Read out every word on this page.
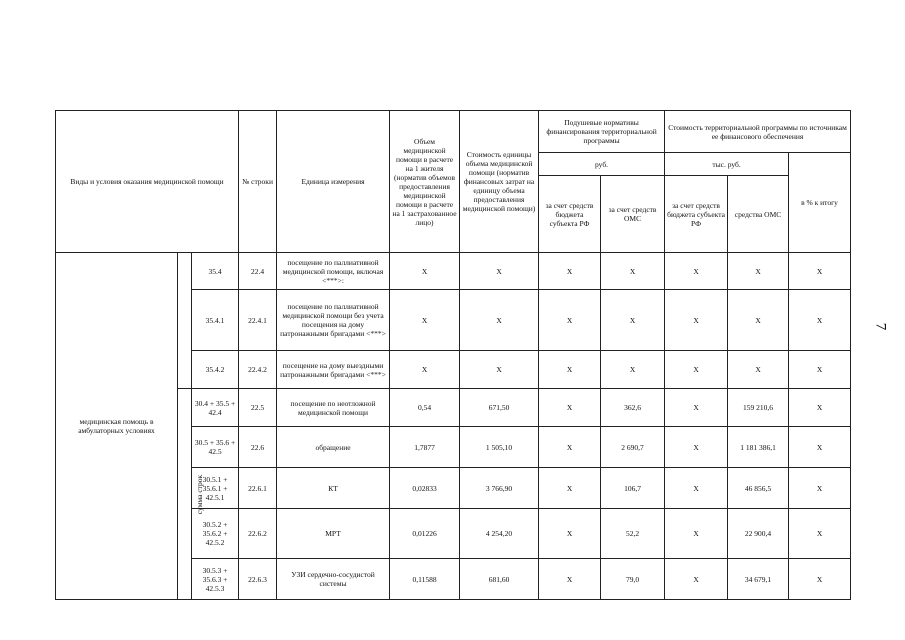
7
Виды и условия оказания медицинской помощи			№ строки	Единица измерения	Объем медицинской помощи в расчете на 1 жителя (норматив объемов предоставления медицинской помощи в расчете на 1 застрахованное лицо)	Стоимость единицы объема медицинской помощи (норматив финансовых затрат на единицу объема предоставления медицинской помощи)	Подушевые нормативы финансирования территориальной программы		Стоимость территориальной программы по источникам ее финансового обеспечения		
							руб.		тыс. руб.		в % к итогу
							за счет средств бюджета субъекта РФ	за счет средств ОМС	за счет средств бюджета субъекта РФ	средства ОМС	
медицинская помощь в амбулаторных условиях		35.4	22.4	посещение по паллиативной медицинской помощи, включая <***>:	X	X	X	X	X	X	X
		35.4.1	22.4.1	посещение по паллиативной медицинской помощи без учета посещения на дому патронажными бригадами <***>	X	X	X	X	X	X	X
		35.4.2	22.4.2	посещение на дому выездными патронажными бригадами <***>	X	X	X	X	X	X	X
	сумма строк	30.4 + 35.5 + 42.4	22.5	посещение по неотложной медицинской помощи	0,54	671,50	X	362,6	X	159 210,6	X
		30.5 + 35.6 + 42.5	22.6	обращение	1,7877	1 505,10	X	2 690,7	X	1 181 386,1	X
		30.5.1 + 35.6.1 + 42.5.1	22.6.1	КТ	0,02833	3 766,90	X	106,7	X	46 856,5	X
		30.5.2 + 35.6.2 + 42.5.2	22.6.2	МРТ	0,01226	4 254,20	X	52,2	X	22 900,4	X
		30.5.3 + 35.6.3 + 42.5.3	22.6.3	УЗИ сердечно-сосудистой системы	0,11588	681,60	X	79,0	X	34 679,1	X
